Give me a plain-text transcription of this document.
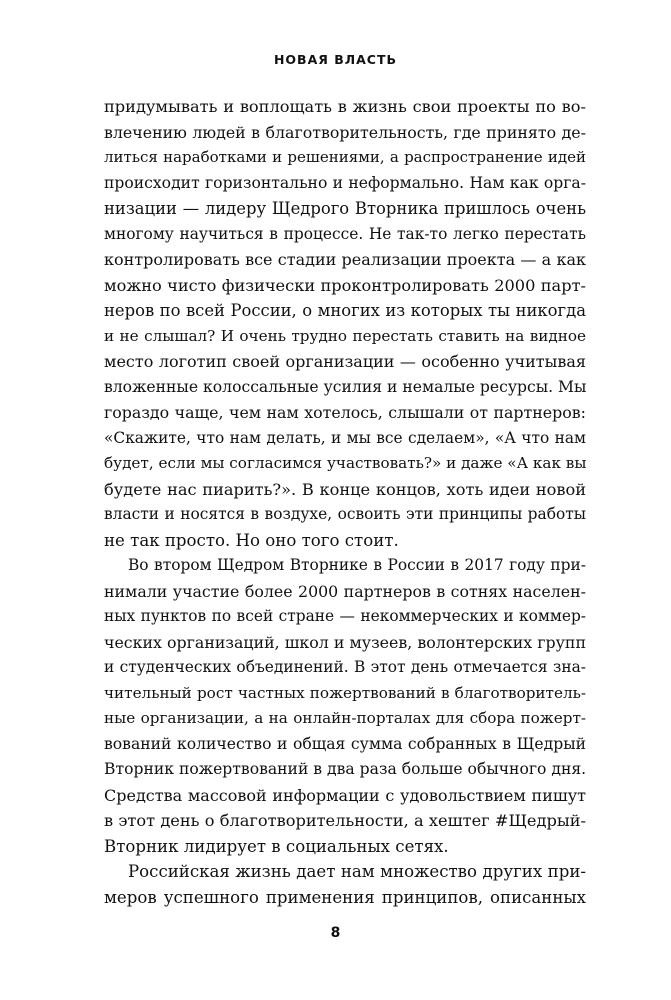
НОВАЯ ВЛАСТЬ
придумывать и воплощать в жизнь свои проекты по во-
влечению людей в благотворительность, где принято де-
литься наработками и решениями, а распространение идей
происходит горизонтально и неформально. Нам как орга-
низации — лидеру Щедрого Вторника пришлось очень
многому научиться в процессе. Не так-то легко перестать
контролировать все стадии реализации проекта — а как
можно чисто физически проконтролировать 2000 парт-
неров по всей России, о многих из которых ты никогда
и не слышал? И очень трудно перестать ставить на видное
место логотип своей организации — особенно учитывая
вложенные колоссальные усилия и немалые ресурсы. Мы
гораздо чаще, чем нам хотелось, слышали от партнеров:
«Скажите, что нам делать, и мы все сделаем», «А что нам
будет, если мы согласимся участвовать?» и даже «А как вы
будете нас пиарить?». В конце концов, хоть идеи новой
власти и носятся в воздухе, освоить эти принципы работы
не так просто. Но оно того стоит.
Во втором Щедром Вторнике в России в 2017 году при-
нимали участие более 2000 партнеров в сотнях населен-
ных пунктов по всей стране — некоммерческих и коммер-
ческих организаций, школ и музеев, волонтерских групп
и студенческих объединений. В этот день отмечается зна-
чительный рост частных пожертвований в благотворитель-
ные организации, а на онлайн-порталах для сбора пожерт-
вований количество и общая сумма собранных в Щедрый
Вторник пожертвований в два раза больше обычного дня.
Средства массовой информации с удовольствием пишут
в этот день о благотворительности, а хештег #Щедрый-
Вторник лидирует в социальных сетях.
Российская жизнь дает нам множество других при-
меров успешного применения принципов, описанных
8
